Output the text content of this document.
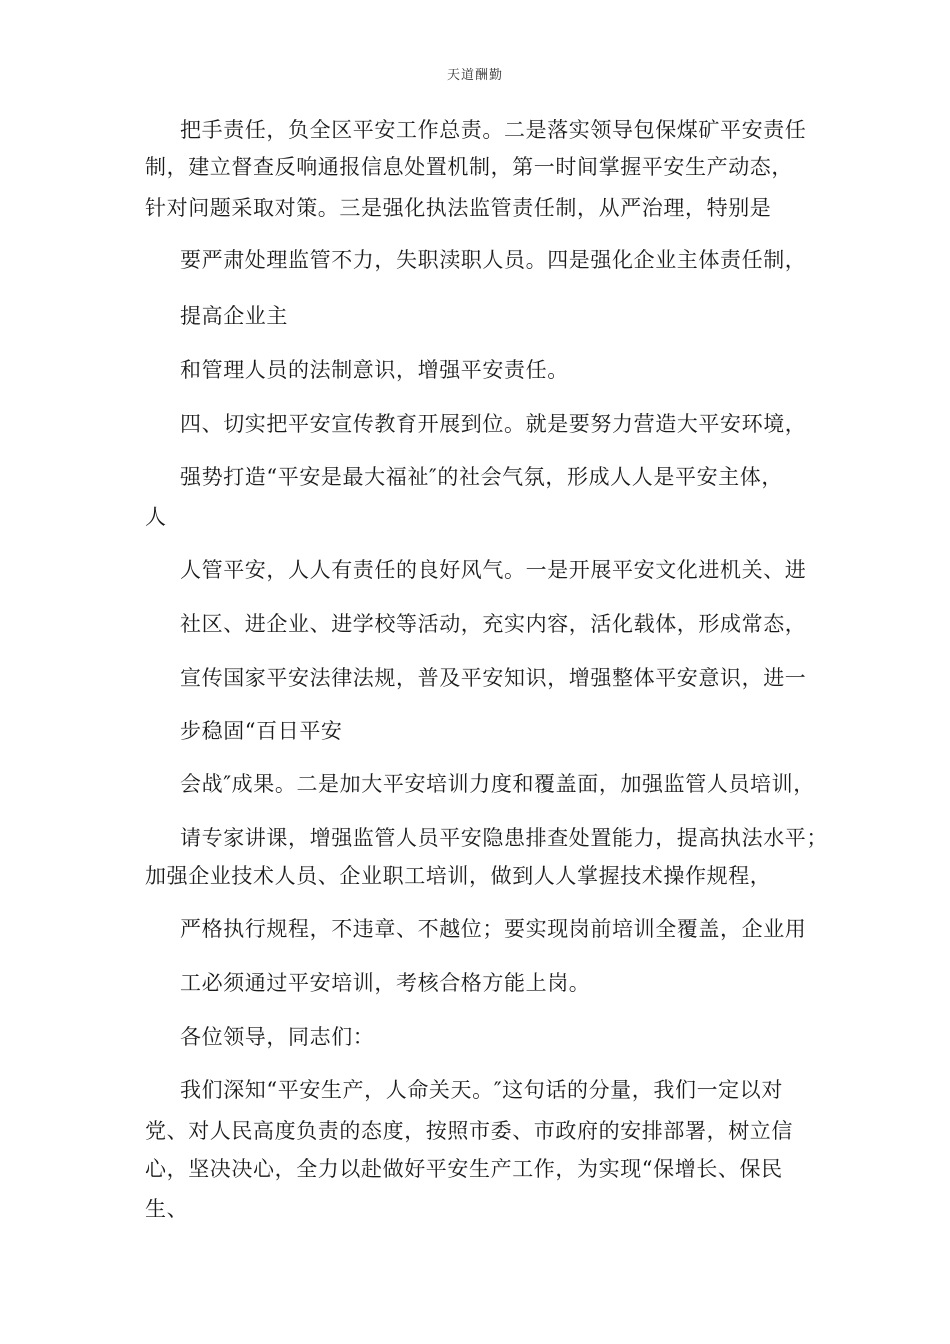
天道酬勤
把手责任，负全区平安工作总责。二是落实领导包保煤矿平安责任
制，建立督查反响通报信息处置机制，第一时间掌握平安生产动态，
针对问题采取对策。三是强化执法监管责任制，从严治理，特别是
要严肃处理监管不力，失职渎职人员。四是强化企业主体责任制，
提高企业主
和管理人员的法制意识，增强平安责任。
四、切实把平安宣传教育开展到位。就是要努力营造大平安环境，
强势打造“平安是最大福祉″的社会气氛，形成人人是平安主体，
人
人管平安，人人有责任的良好风气。一是开展平安文化进机关、进
社区、进企业、进学校等活动，充实内容，活化载体，形成常态，
宣传国家平安法律法规，普及平安知识，增强整体平安意识，进一
步稳固“百日平安
会战″成果。二是加大平安培训力度和覆盖面，加强监管人员培训，
请专家讲课，增强监管人员平安隐患排查处置能力，提高执法水平；
加强企业技术人员、企业职工培训，做到人人掌握技术操作规程，
严格执行规程，不违章、不越位；要实现岗前培训全覆盖，企业用
工必须通过平安培训，考核合格方能上岗。
各位领导，同志们：
我们深知“平安生产，人命关天。″这句话的分量，我们一定以对
党、对人民高度负责的态度，按照市委、市政府的安排部署，树立信
心，坚决决心，全力以赴做好平安生产工作，为实现“保增长、保民
生、
